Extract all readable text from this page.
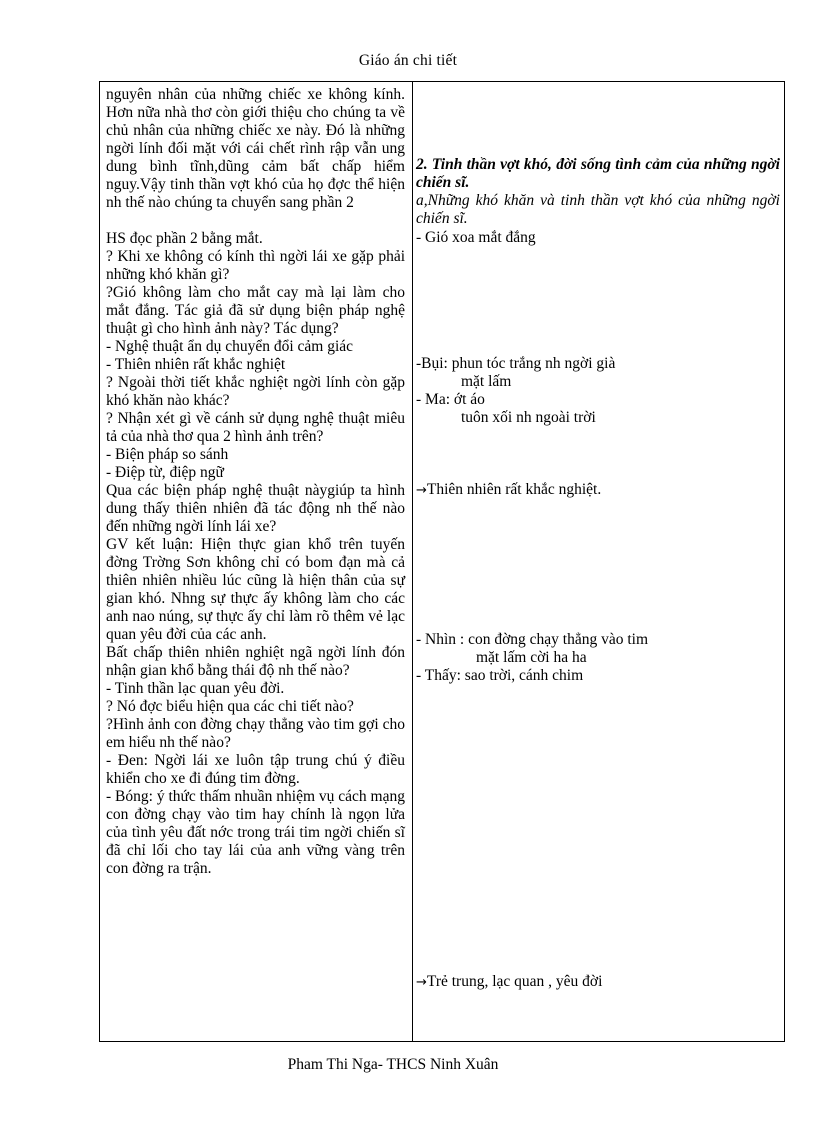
Giáo án chi tiết

nguyên nhân của những chiếc xe không kính. Hơn nữa nhà thơ còn giới thiệu cho chúng ta về chủ nhân của những chiếc xe này. Đó là những ngời lính đối mặt với cái chết rình rập vẫn ung dung bình tĩnh,dũng cảm bất chấp hiểm nguy.Vậy tinh thần vợt khó của họ đợc thể hiện nh thế nào chúng ta chuyển sang phần 2

HS đọc phần 2 bằng mắt.

? Khi xe không có kính thì ngời lái xe gặp phải những khó khăn gì?

?Gió không làm cho mắt cay mà lại làm cho mắt đắng. Tác giả đã sử dụng biện pháp nghệ thuật gì cho hình ảnh này? Tác dụng?

- Nghệ thuật ẩn dụ chuyển đổi cảm giác

- Thiên nhiên rất khắc nghiệt

? Ngoài thời tiết khắc nghiệt ngời lính còn gặp khó khăn nào khác?

? Nhận xét gì về cánh sử dụng nghệ thuật miêu tả của nhà thơ qua 2 hình ảnh trên?

- Biện pháp so sánh

- Điệp từ, điệp ngữ

Qua các biện pháp nghệ thuật nàygiúp ta hình dung thấy thiên nhiên đã tác động nh thế nào đến những ngời lính lái xe?

GV kết luận: Hiện thực gian khổ trên tuyến đờng Trờng Sơn không chỉ có bom đạn mà cả thiên nhiên nhiều lúc cũng là hiện thân của sự gian khó. Nhng sự thực ấy không làm cho các anh nao núng, sự thực ấy chỉ làm rõ thêm vẻ lạc quan yêu đời của các anh.

Bất chấp thiên nhiên nghiệt ngã ngời lính đón nhận gian khổ bằng thái độ nh thế nào?

- Tinh thần lạc quan yêu đời.

? Nó đợc biểu hiện qua các chi tiết nào?

?Hình ảnh con đờng chạy thẳng vào tim gợi cho em hiểu nh thế nào?

- Đen: Ngời lái xe luôn tập trung chú ý điều khiển cho xe đi đúng tim đờng.

- Bóng: ý thức thấm nhuần nhiệm vụ cách mạng con đờng chạy vào tim hay chính là ngọn lửa của tình yêu đất nớc trong trái tim ngời chiến sĩ đã chỉ lối cho tay lái của anh vững vàng trên con đờng ra trận.

2. Tinh thần vợt khó, đời sống tình cảm của những ngời chiến sĩ.
a,Những khó khăn và tinh thần vợt khó của những ngời chiến sĩ.
- Gió xoa mắt đắng
-Bụi: phun tóc trắng nh ngời già
mặt lấm
- Ma: ớt áo
tuôn xối nh ngoài trời
→Thiên nhiên rất khắc nghiệt.
- Nhìn : con đờng chạy thẳng vào tim
mặt lấm cời ha ha
- Thấy: sao trời, cánh chim
→Trẻ trung, lạc quan , yêu đời
Pham Thi Nga- THCS Ninh Xuân
